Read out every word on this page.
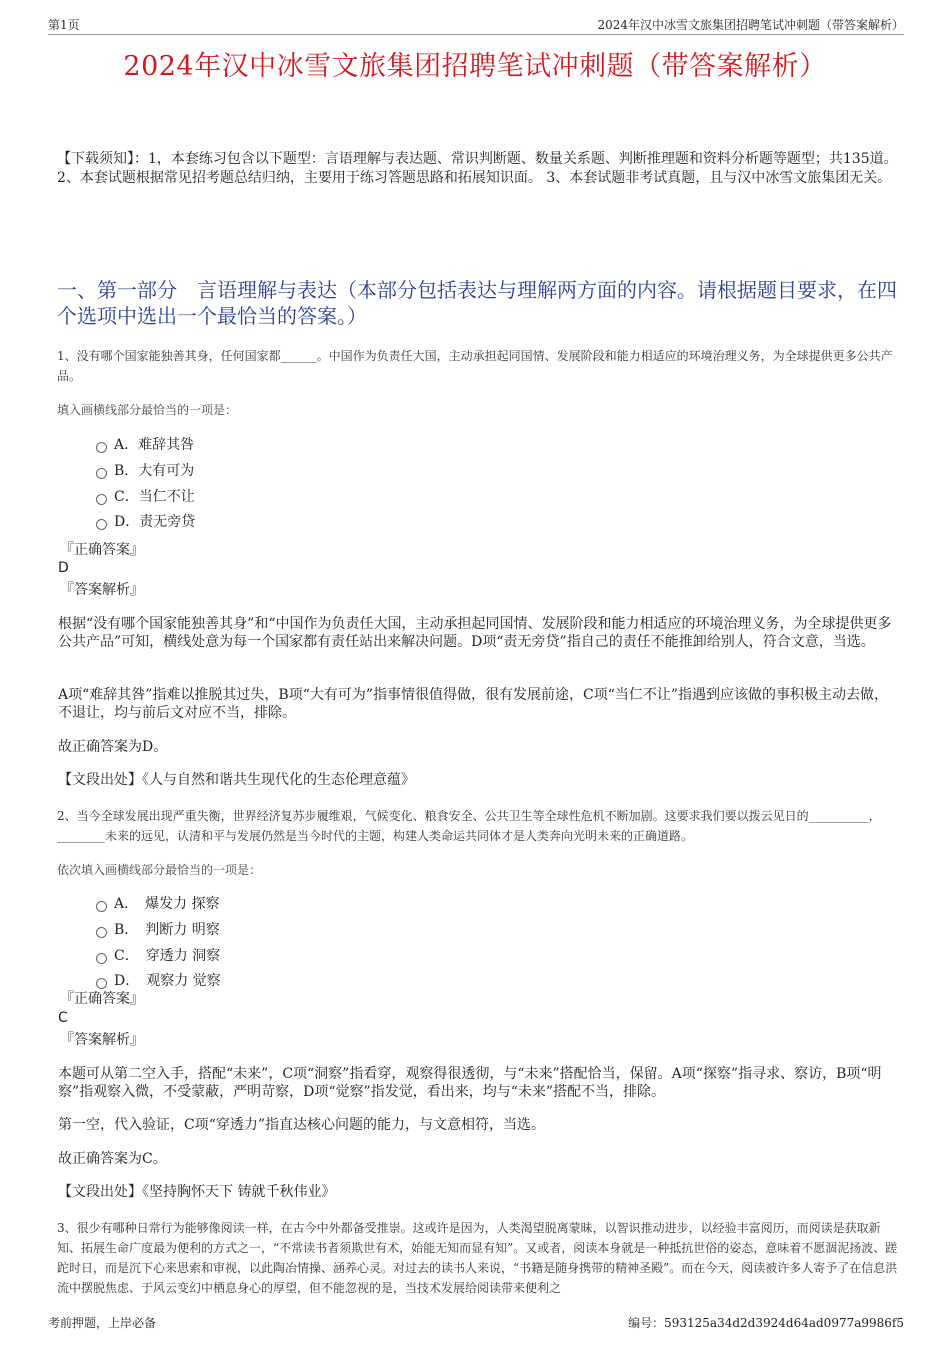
第1页	2024年汉中冰雪文旅集团招聘笔试冲刺题（带答案解析）
2024年汉中冰雪文旅集团招聘笔试冲刺题（带答案解析）
【下载须知】：1，本套练习包含以下题型：言语理解与表达题、常识判断题、数量关系题、判断推理题和资料分析题等题型；共135道。 2、本套试题根据常见招考题总结归纳，主要用于练习答题思路和拓展知识面。 3、本套试题非考试真题，且与汉中冰雪文旅集团无关。
一、第一部分　言语理解与表达（本部分包括表达与理解两方面的内容。请根据题目要求，在四个选项中选出一个最恰当的答案。）
1、没有哪个国家能独善其身，任何国家都______。中国作为负责任大国，主动承担起同国情、发展阶段和能力相适应的环境治理义务，为全球提供更多公共产品。
填入画横线部分最恰当的一项是：
A．难辞其咎
B．大有可为
C．当仁不让
D．责无旁贷
『正确答案』
D
『答案解析』
根据“没有哪个国家能独善其身”和“中国作为负责任大国，主动承担起同国情、发展阶段和能力相适应的环境治理义务，为全球提供更多公共产品”可知，横线处意为每一个国家都有责任站出来解决问题。D项“责无旁贷”指自己的责任不能推卸给别人，符合文意，当选。
A项“难辞其咎”指难以推脱其过失，B项“大有可为”指事情很值得做，很有发展前途，C项“当仁不让”指遇到应该做的事积极主动去做，不退让，均与前后文对应不当，排除。
故正确答案为D。
【文段出处】《人与自然和谐共生现代化的生态伦理意蕴》
2、当今全球发展出现严重失衡，世界经济复苏步履维艰，气候变化、粮食安全、公共卫生等全球性危机不断加剧。这要求我们要以拨云见日的__________，________未来的远见，认清和平与发展仍然是当今时代的主题，构建人类命运共同体才是人类奔向光明未来的正确道路。
依次填入画横线部分最恰当的一项是：
A．　爆发力 探察
B．　判断力 明察
C．　穿透力 洞察
D．　观察力 觉察
『正确答案』
C
『答案解析』
本题可从第二空入手，搭配“未来”，C项“洞察”指看穿，观察得很透彻，与“未来”搭配恰当，保留。A项“探察”指寻求、察访，B项“明察”指观察入微，不受蒙蔽，严明苛察，D项“觉察”指发觉，看出来，均与“未来”搭配不当，排除。
第一空，代入验证，C项“穿透力”指直达核心问题的能力，与文意相符，当选。
故正确答案为C。
【文段出处】《坚持胸怀天下 铸就千秋伟业》
3、很少有哪种日常行为能够像阅读一样，在古今中外都备受推崇。这或许是因为，人类渴望脱离蒙昧，以智识推动进步，以经验丰富阅历，而阅读是获取新知、拓展生命广度最为便利的方式之一，“不常读书者须欺世有术，始能无知而显有知”。又或者，阅读本身就是一种抵抗世俗的姿态，意味着不愿涸泥扬波、蹉跎时日，而是沉下心来思索和审视，以此陶冶情操、涵养心灵。对过去的读书人来说，“书籍是随身携带的精神圣殿”。而在今天，阅读被许多人寄予了在信息洪流中摆脱焦虑、于风云变幻中栖息身心的厚望，但不能忽视的是，当技术发展给阅读带来便利之
考前押题，上岸必备	编号：593125a34d2d3924d64ad0977a9986f5
